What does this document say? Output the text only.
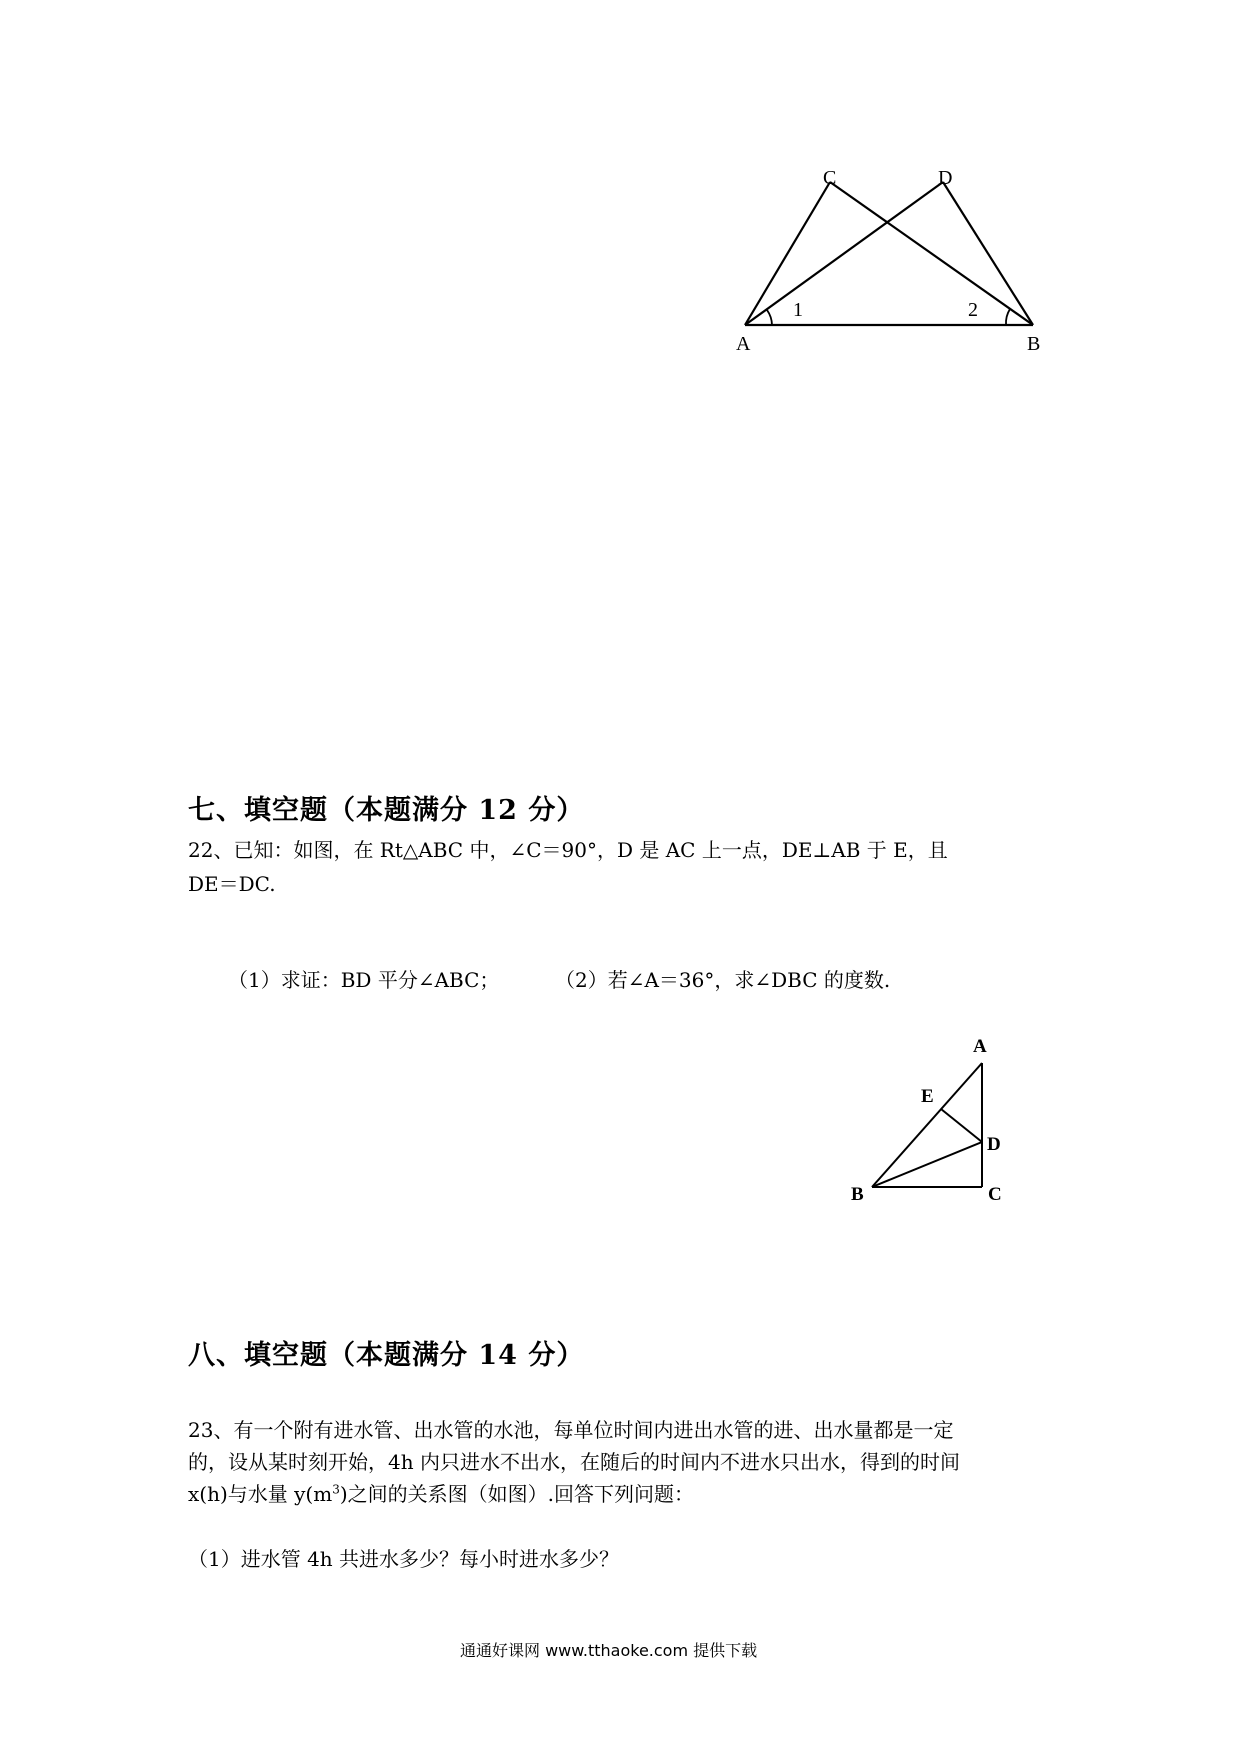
C	D
A	B
1	2
七、填空题（本题满分 12 分）
22、已知：如图，在 Rt△ABC 中，∠C＝90°，D 是 AC 上一点，DE⊥AB 于 E，且
DE＝DC.
（1）求证：BD 平分∠ABC；	（2）若∠A＝36°，求∠DBC 的度数.
A
E
D
B	C
八、填空题（本题满分 14 分）
23、有一个附有进水管、出水管的水池，每单位时间内进出水管的进、出水量都是一定
的，设从某时刻开始，4h 内只进水不出水，在随后的时间内不进水只出水，得到的时间
x(h)与水量 $y(m^3)$之间的关系图（如图）.回答下列问题：
（1）进水管 4h 共进水多少？每小时进水多少？
通通好课网 www.tthaoke.com 提供下载
